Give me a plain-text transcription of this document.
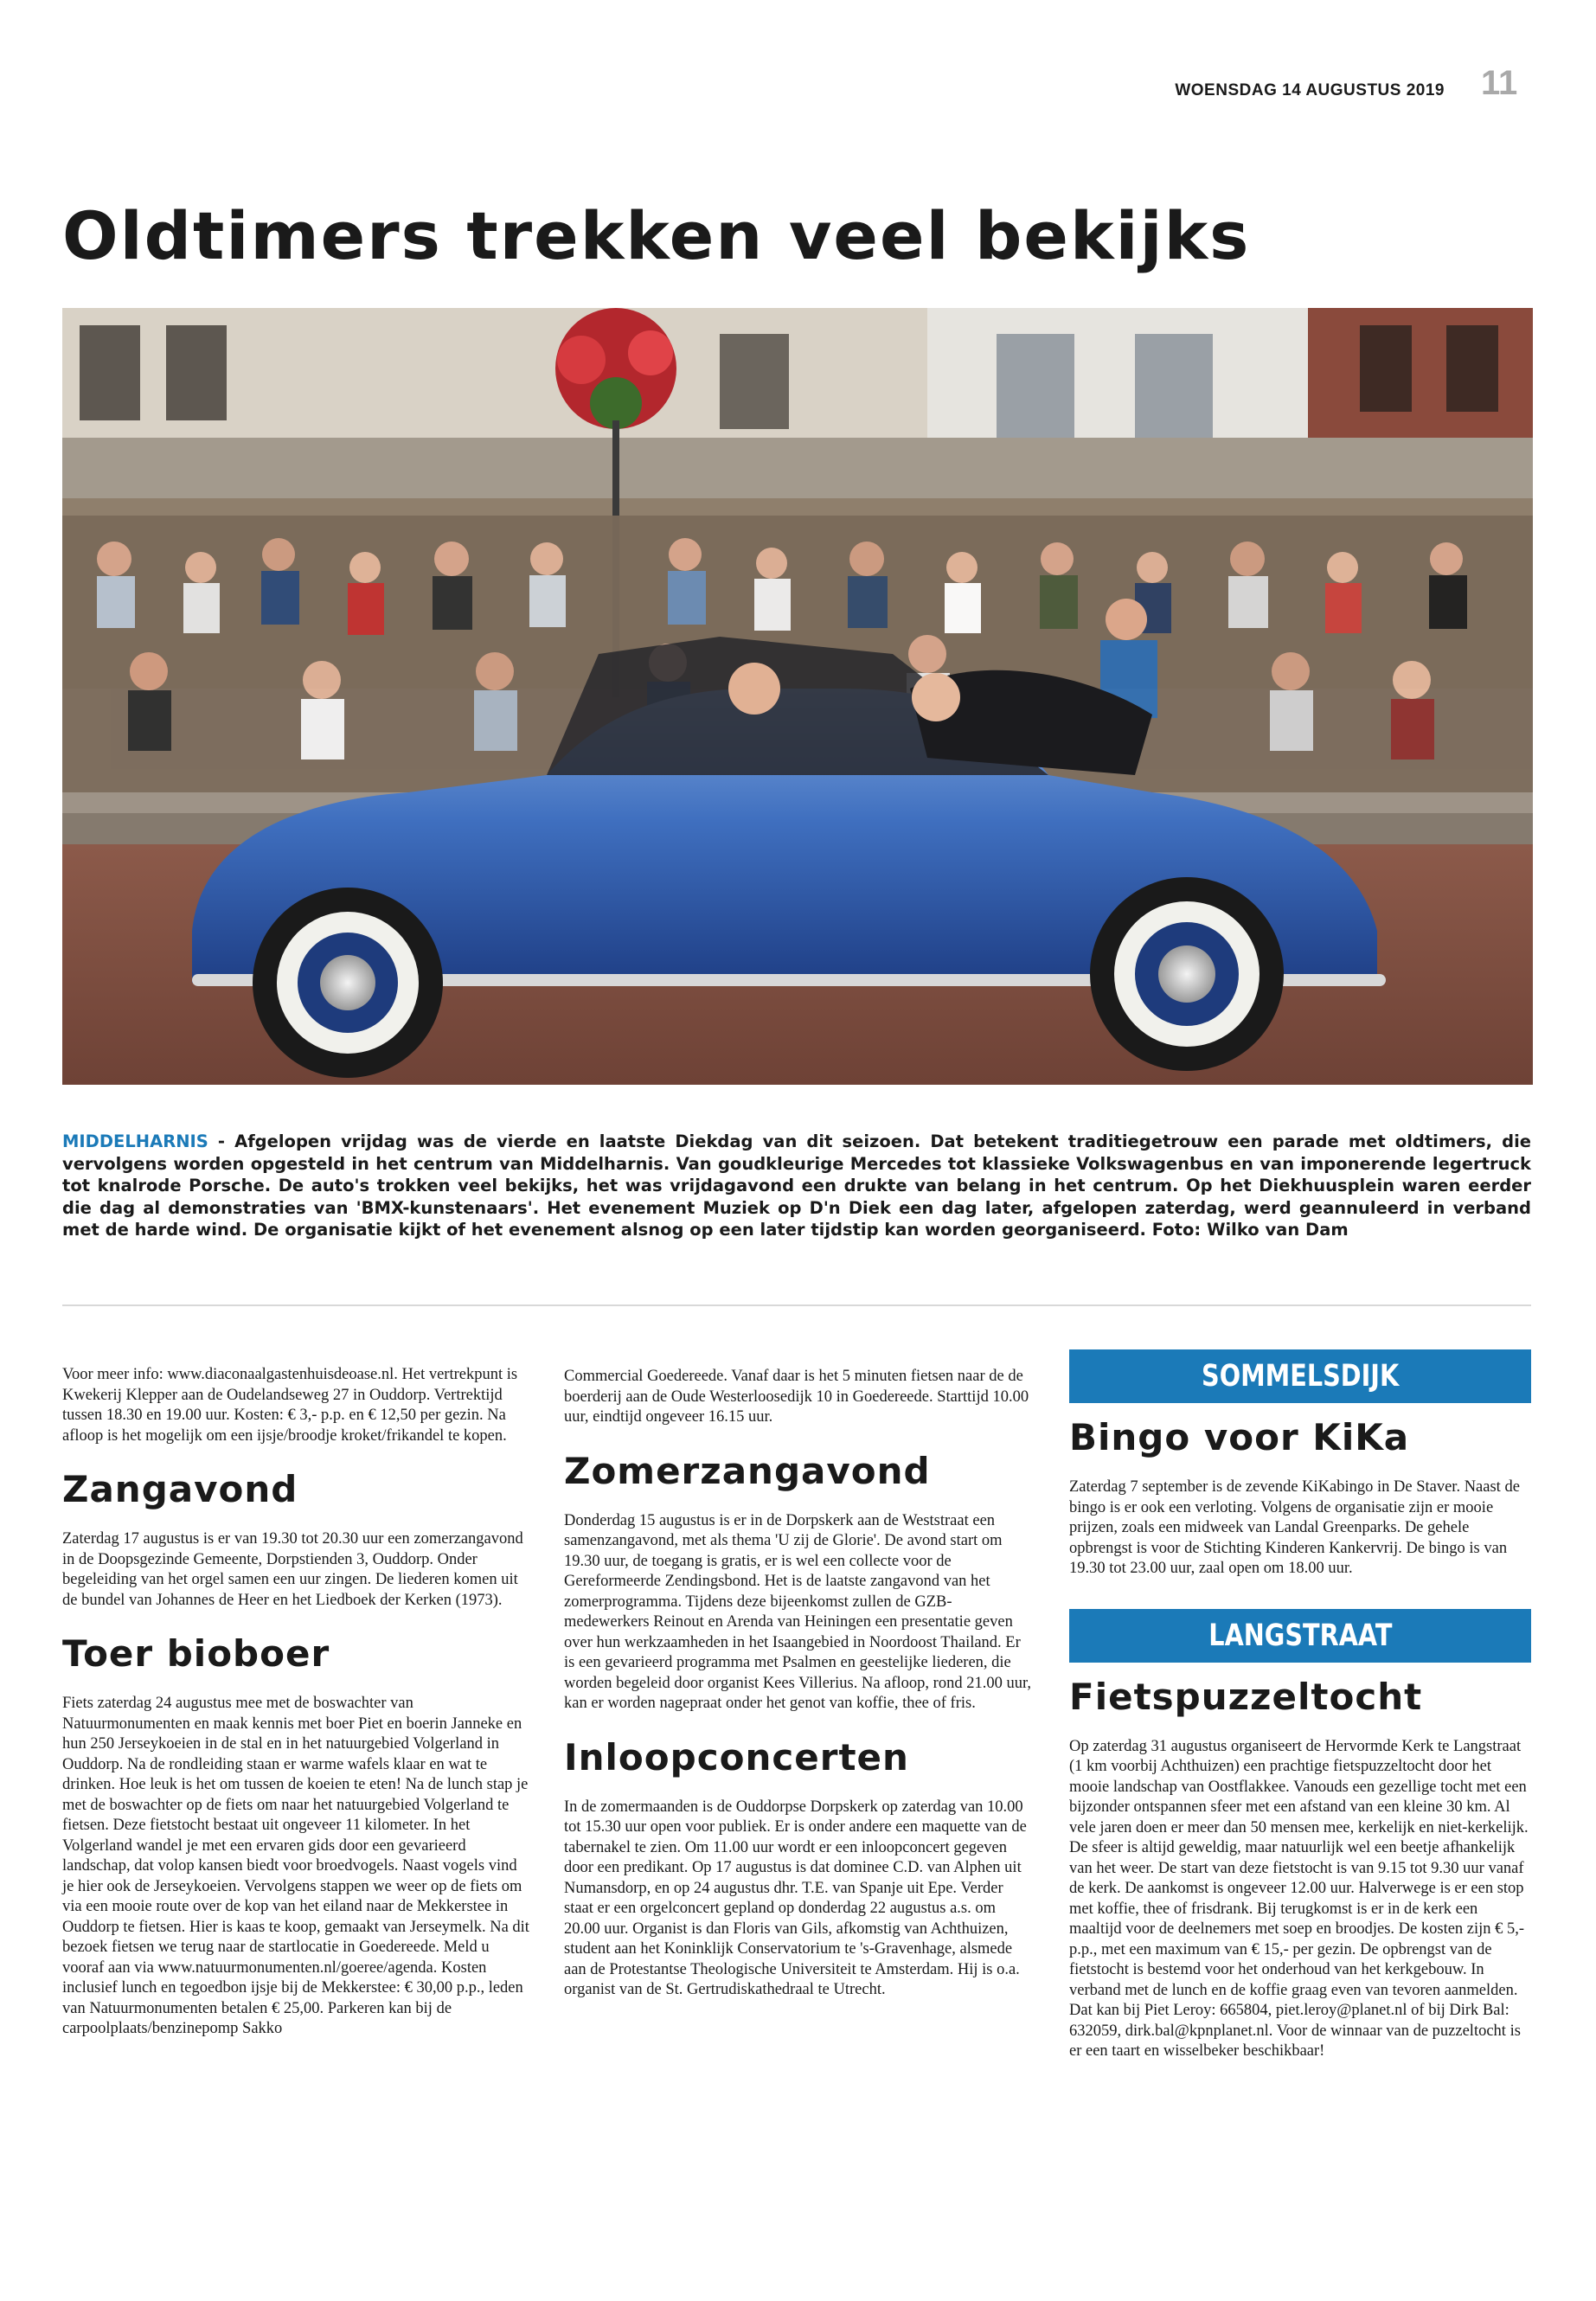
WOENSDAG 14 AUGUSTUS 2019 11
Oldtimers trekken veel bekijks

MIDDELHARNIS - Afgelopen vrijdag was de vierde en laatste Diekdag van dit seizoen. Dat betekent traditiegetrouw een parade met oldtimers, die vervolgens worden opgesteld in het centrum van Middelharnis. Van goudkleurige Mercedes tot klassieke Volkswagenbus en van imponerende legertruck tot knalrode Porsche. De auto's trokken veel bekijks, het was vrijdagavond een drukte van belang in het centrum. Op het Diekhuusplein waren eerder die dag al demonstraties van 'BMX-kunstenaars'. Het evenement Muziek op D'n Diek een dag later, afgelopen zaterdag, werd geannuleerd in verband met de harde wind. De organisatie kijkt of het evenement alsnog op een later tijdstip kan worden georganiseerd. Foto: Wilko van Dam

Voor meer info: www.diaconaalgastenhuisdeoase.nl. Het vertrekpunt is Kwekerij Klepper aan de Oudelandseweg 27 in Ouddorp. Vertrektijd tussen 18.30 en 19.00 uur. Kosten: € 3,- p.p. en € 12,50 per gezin. Na afloop is het mogelijk om een ijsje/broodje kroket/frikandel te kopen.

Zangavond

Zaterdag 17 augustus is er van 19.30 tot 20.30 uur een zomerzangavond in de Doopsgezinde Gemeente, Dorpstienden 3, Ouddorp. Onder begeleiding van het orgel samen een uur zingen. De liederen komen uit de bundel van Johannes de Heer en het Liedboek der Kerken (1973).

Toer bioboer

Fiets zaterdag 24 augustus mee met de boswachter van Natuurmonumenten en maak kennis met boer Piet en boerin Janneke en hun 250 Jerseykoeien in de stal en in het natuurgebied Volgerland in Ouddorp. Na de rondleiding staan er warme wafels klaar en wat te drinken. Hoe leuk is het om tussen de koeien te eten! Na de lunch stap je met de boswachter op de fiets om naar het natuurgebied Volgerland te fietsen. Deze fietstocht bestaat uit ongeveer 11 kilometer. In het Volgerland wandel je met een ervaren gids door een gevarieerd landschap, dat volop kansen biedt voor broedvogels. Naast vogels vind je hier ook de Jerseykoeien. Vervolgens stappen we weer op de fiets om via een mooie route over de kop van het eiland naar de Mekkerstee in Ouddorp te fietsen. Hier is kaas te koop, gemaakt van Jerseymelk. Na dit bezoek fietsen we terug naar de startlocatie in Goedereede. Meld u vooraf aan via www.natuurmonumenten.nl/goeree/agenda. Kosten inclusief lunch en tegoedbon ijsje bij de Mekkerstee: € 30,00 p.p., leden van Natuurmonumenten betalen € 25,00. Parkeren kan bij de carpoolplaats/benzinepomp Sakko

Commercial Goedereede. Vanaf daar is het 5 minuten fietsen naar de de boerderij aan de Oude Westerloosedijk 10 in Goedereede. Starttijd 10.00 uur, eindtijd ongeveer 16.15 uur.

Zomerzangavond

Donderdag 15 augustus is er in de Dorpskerk aan de Weststraat een samenzangavond, met als thema 'U zij de Glorie'. De avond start om 19.30 uur, de toegang is gratis, er is wel een collecte voor de Gereformeerde Zendingsbond. Het is de laatste zangavond van het zomerprogramma. Tijdens deze bijeenkomst zullen de GZB-medewerkers Reinout en Arenda van Heiningen een presentatie geven over hun werkzaamheden in het Isaangebied in Noordoost Thailand. Er is een gevarieerd programma met Psalmen en geestelijke liederen, die worden begeleid door organist Kees Villerius. Na afloop, rond 21.00 uur, kan er worden nagepraat onder het genot van koffie, thee of fris.

Inloopconcerten

In de zomermaanden is de Ouddorpse Dorpskerk op zaterdag van 10.00 tot 15.30 uur open voor publiek. Er is onder andere een maquette van de tabernakel te zien. Om 11.00 uur wordt er een inloopconcert gegeven door een predikant. Op 17 augustus is dat dominee C.D. van Alphen uit Numansdorp, en op 24 augustus dhr. T.E. van Spanje uit Epe. Verder staat er een orgelconcert gepland op donderdag 22 augustus a.s. om 20.00 uur. Organist is dan Floris van Gils, afkomstig van Achthuizen, student aan het Koninklijk Conservatorium te 's-Gravenhage, alsmede aan de Protestantse Theologische Universiteit te Amsterdam. Hij is o.a. organist van de St. Gertrudiskathedraal te Utrecht.

SOMMELSDIJK
Bingo voor KiKa

Zaterdag 7 september is de zevende KiKabingo in De Staver. Naast de bingo is er ook een verloting. Volgens de organisatie zijn er mooie prijzen, zoals een midweek van Landal Greenparks. De gehele opbrengst is voor de Stichting Kinderen Kankervrij. De bingo is van 19.30 tot 23.00 uur, zaal open om 18.00 uur.

LANGSTRAAT
Fietspuzzeltocht

Op zaterdag 31 augustus organiseert de Hervormde Kerk te Langstraat (1 km voorbij Achthuizen) een prachtige fietspuzzeltocht door het mooie landschap van Oostflakkee. Vanouds een gezellige tocht met een bijzonder ontspannen sfeer met een afstand van een kleine 30 km. Al vele jaren doen er meer dan 50 mensen mee, kerkelijk en niet-kerkelijk. De sfeer is altijd geweldig, maar natuurlijk wel een beetje afhankelijk van het weer. De start van deze fietstocht is van 9.15 tot 9.30 uur vanaf de kerk. De aankomst is ongeveer 12.00 uur. Halverwege is er een stop met koffie, thee of frisdrank. Bij terugkomst is er in de kerk een maaltijd voor de deelnemers met soep en broodjes. De kosten zijn € 5,- p.p., met een maximum van € 15,- per gezin. De opbrengst van de fietstocht is bestemd voor het onderhoud van het kerkgebouw. In verband met de lunch en de koffie graag even van tevoren aanmelden. Dat kan bij Piet Leroy: 665804, piet.leroy@planet.nl of bij Dirk Bal: 632059, dirk.bal@kpnplanet.nl. Voor de winnaar van de puzzeltocht is er een taart en wisselbeker beschikbaar!
